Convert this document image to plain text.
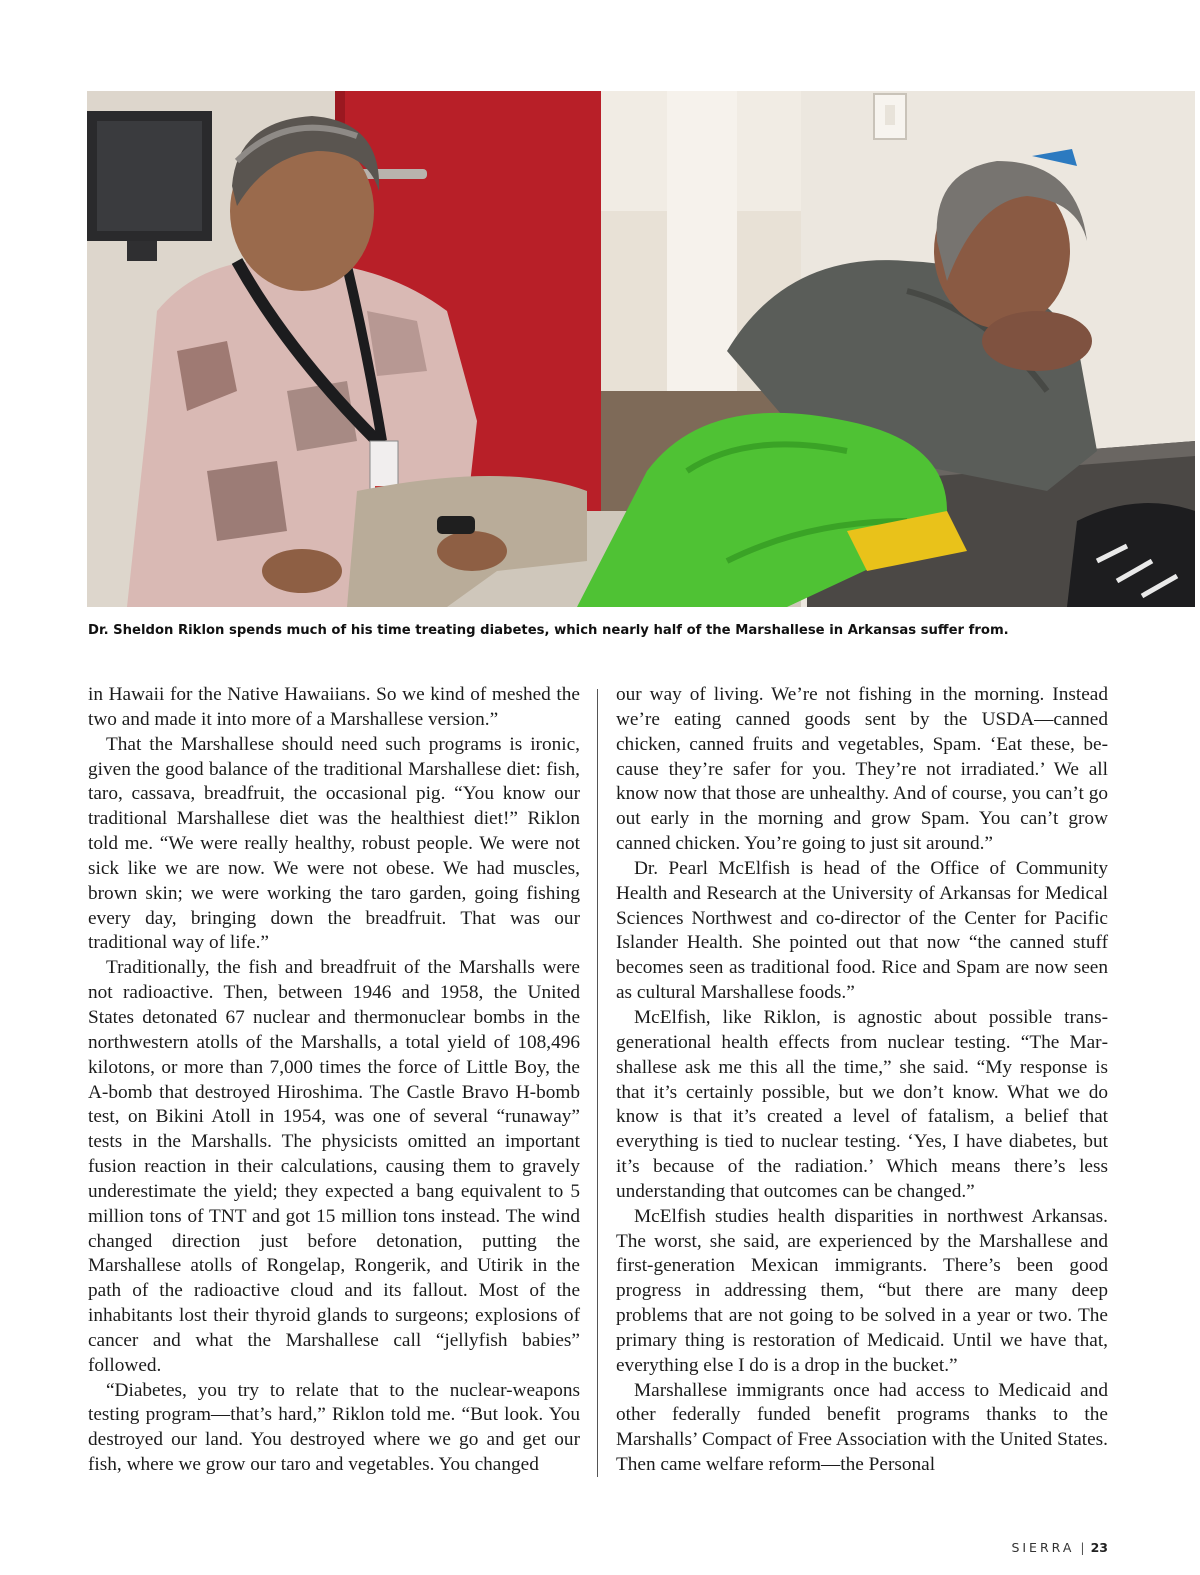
Dr. Sheldon Riklon spends much of his time treating diabetes, which nearly half of the Marshallese in Arkansas suffer from.

in Hawaii for the Native Hawaiians. So we kind of meshed the two and made it into more of a Marshallese version.”

That the Marshallese should need such programs is ironic, given the good balance of the traditional Marshallese diet: fish, taro, cassava, breadfruit, the occasional pig. “You know our traditional Marshallese diet was the healthiest diet!” Riklon told me. “We were really healthy, robust people. We were not sick like we are now. We were not obese. We had muscles, brown skin; we were working the taro garden, going fishing every day, bringing down the breadfruit. That was our traditional way of life.”

Traditionally, the fish and breadfruit of the Marshalls were not radioactive. Then, between 1946 and 1958, the United States detonated 67 nuclear and thermonuclear bombs in the northwestern atolls of the Marshalls, a total yield of 108,496 kilotons, or more than 7,000 times the force of Little Boy, the A-bomb that destroyed Hiroshima. The Castle Bravo H-bomb test, on Bikini Atoll in 1954, was one of several “runaway” tests in the Marshalls. The physicists omitted an important fusion reaction in their calculations, causing them to gravely underestimate the yield; they expected a bang equivalent to 5 million tons of TNT and got 15 million tons instead. The wind changed direction just before detonation, putting the Marshallese atolls of Rongelap, Rongerik, and Utirik in the path of the radioactive cloud and its fallout. Most of the inhabitants lost their thyroid glands to surgeons; explosions of cancer and what the Marshallese call “jellyfish babies” followed.

“Diabetes, you try to relate that to the nuclear-weapons testing program—that’s hard,” Riklon told me. “But look. You destroyed our land. You destroyed where we go and get our fish, where we grow our taro and vegetables. You changed

our way of living. We’re not fishing in the morning. Instead we’re eating canned goods sent by the USDA—canned chicken, canned fruits and vegetables, Spam. ‘Eat these, because they’re safer for you. They’re not irradiated.’ We all know now that those are unhealthy. And of course, you can’t go out early in the morning and grow Spam. You can’t grow canned chicken. You’re going to just sit around.”

Dr. Pearl McElfish is head of the Office of Community Health and Research at the University of Arkansas for Medical Sciences Northwest and co-director of the Center for Pacific Islander Health. She pointed out that now “the canned stuff becomes seen as traditional food. Rice and Spam are now seen as cultural Marshallese foods.”

McElfish, like Riklon, is agnostic about possible transgenerational health effects from nuclear testing. “The Marshallese ask me this all the time,” she said. “My response is that it’s certainly possible, but we don’t know. What we do know is that it’s created a level of fatalism, a belief that everything is tied to nuclear testing. ‘Yes, I have diabetes, but it’s because of the radiation.’ Which means there’s less understanding that outcomes can be changed.”

McElfish studies health disparities in northwest Arkansas. The worst, she said, are experienced by the Marshallese and first-generation Mexican immigrants. There’s been good progress in addressing them, “but there are many deep problems that are not going to be solved in a year or two. The primary thing is restoration of Medicaid. Until we have that, everything else I do is a drop in the bucket.”

Marshallese immigrants once had access to Medicaid and other federally funded benefit programs thanks to the Marshalls’ Compact of Free Association with the United States. Then came welfare reform—the Personal

SIERRA | 23
